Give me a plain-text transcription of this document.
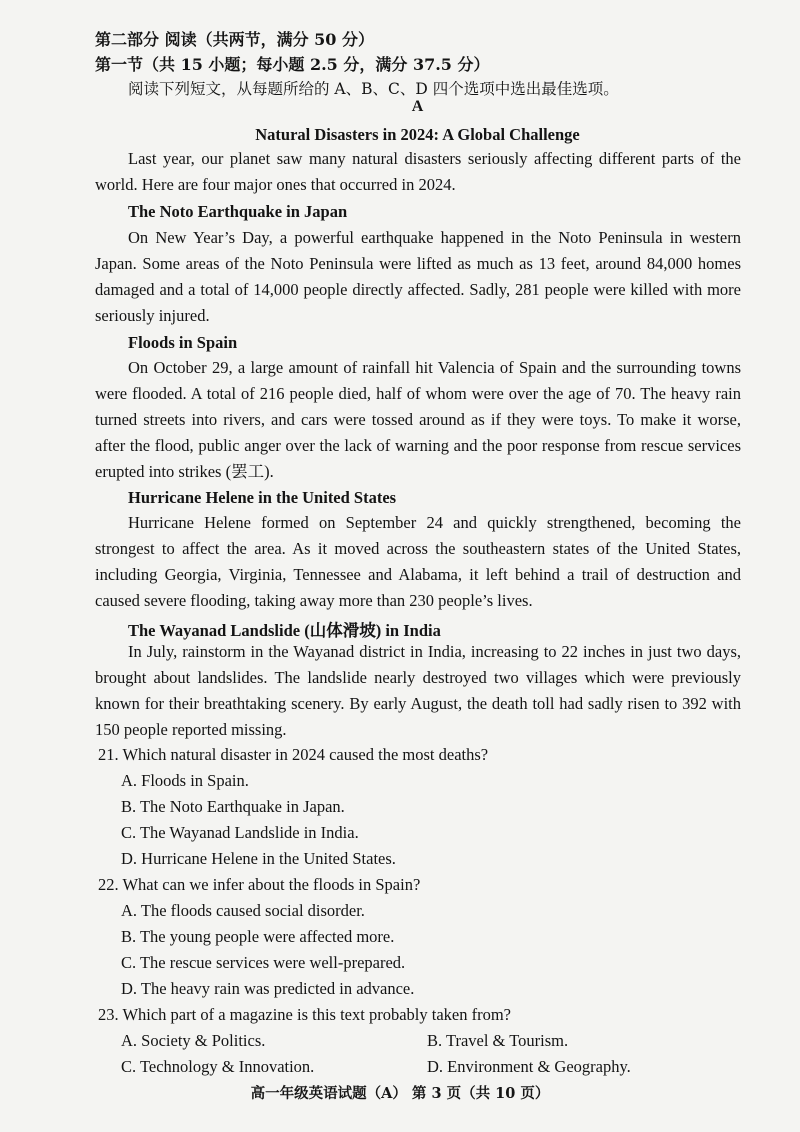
第二部分 阅读（共两节，满分 50 分）
第一节（共 15 小题；每小题 2.5 分，满分 37.5 分）
阅读下列短文，从每题所给的 A、B、C、D 四个选项中选出最佳选项。
A
Natural Disasters in 2024: A Global Challenge

Last year, our planet saw many natural disasters seriously affecting different parts of the world. Here are four major ones that occurred in 2024.

The Noto Earthquake in Japan

On New Year’s Day, a powerful earthquake happened in the Noto Peninsula in western Japan. Some areas of the Noto Peninsula were lifted as much as 13 feet, around 84,000 homes damaged and a total of 14,000 people directly affected. Sadly, 281 people were killed with more seriously injured.

Floods in Spain

On October 29, a large amount of rainfall hit Valencia of Spain and the surrounding towns were flooded. A total of 216 people died, half of whom were over the age of 70. The heavy rain turned streets into rivers, and cars were tossed around as if they were toys. To make it worse, after the flood, public anger over the lack of warning and the poor response from rescue services erupted into strikes (罢工).

Hurricane Helene in the United States

Hurricane Helene formed on September 24 and quickly strengthened, becoming the strongest to affect the area. As it moved across the southeastern states of the United States, including Georgia, Virginia, Tennessee and Alabama, it left behind a trail of destruction and caused severe flooding, taking away more than 230 people’s lives.

The Wayanad Landslide (山体滑坡) in India

In July, rainstorm in the Wayanad district in India, increasing to 22 inches in just two days, brought about landslides. The landslide nearly destroyed two villages which were previously known for their breathtaking scenery. By early August, the death toll had sadly risen to 392 with 150 people reported missing.

21. Which natural disaster in 2024 caused the most deaths?
A. Floods in Spain.
B. The Noto Earthquake in Japan.
C. The Wayanad Landslide in India.
D. Hurricane Helene in the United States.
22. What can we infer about the floods in Spain?
A. The floods caused social disorder.
B. The young people were affected more.
C. The rescue services were well-prepared.
D. The heavy rain was predicted in advance.
23. Which part of a magazine is this text probably taken from?
A. Society & Politics.	B. Travel & Tourism.
C. Technology & Innovation.	D. Environment & Geography.
高一年级英语试题（A） 第 3 页（共 10 页）
